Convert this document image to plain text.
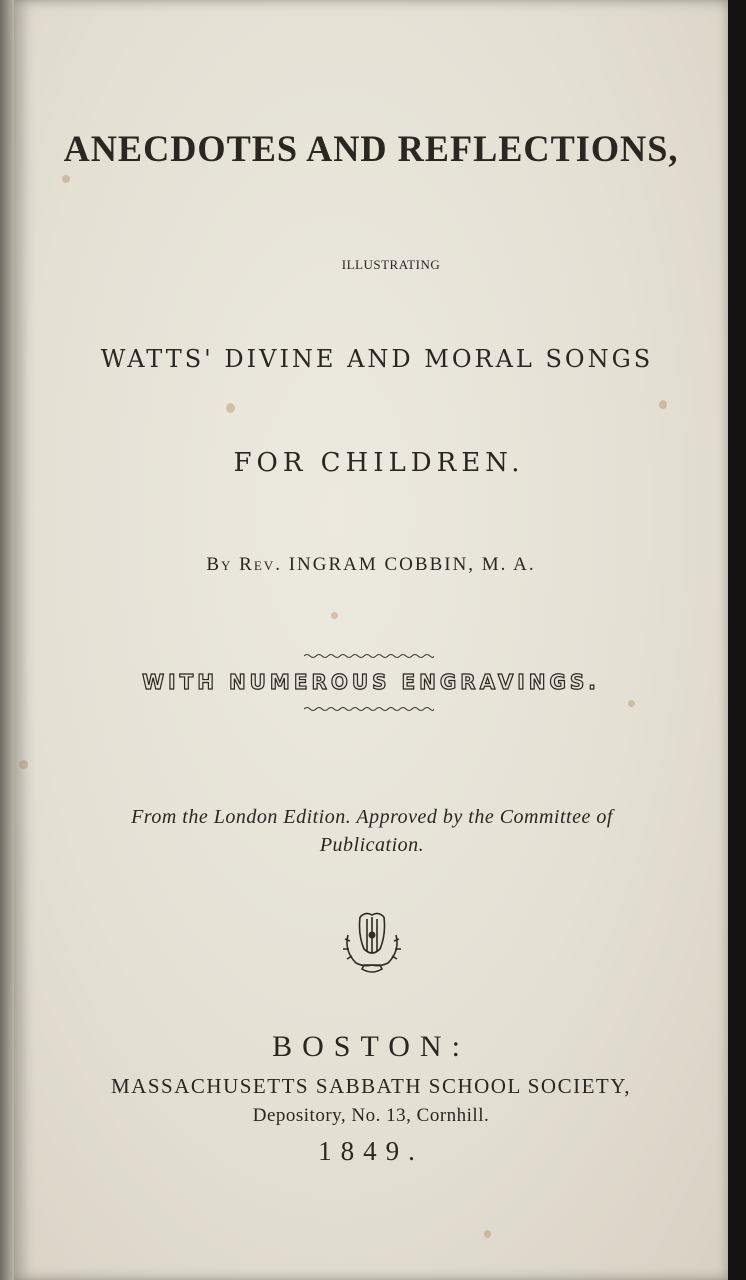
ANECDOTES AND REFLECTIONS,
ILLUSTRATING
WATTS' DIVINE AND MORAL SONGS
FOR CHILDREN.
By Rev. INGRAM COBBIN, M. A.
WITH NUMEROUS ENGRAVINGS.
From the London Edition. Approved by the Committee of Publication.
BOSTON:
MASSACHUSETTS SABBATH SCHOOL SOCIETY,
Depository, No. 13, Cornhill.
1849.
